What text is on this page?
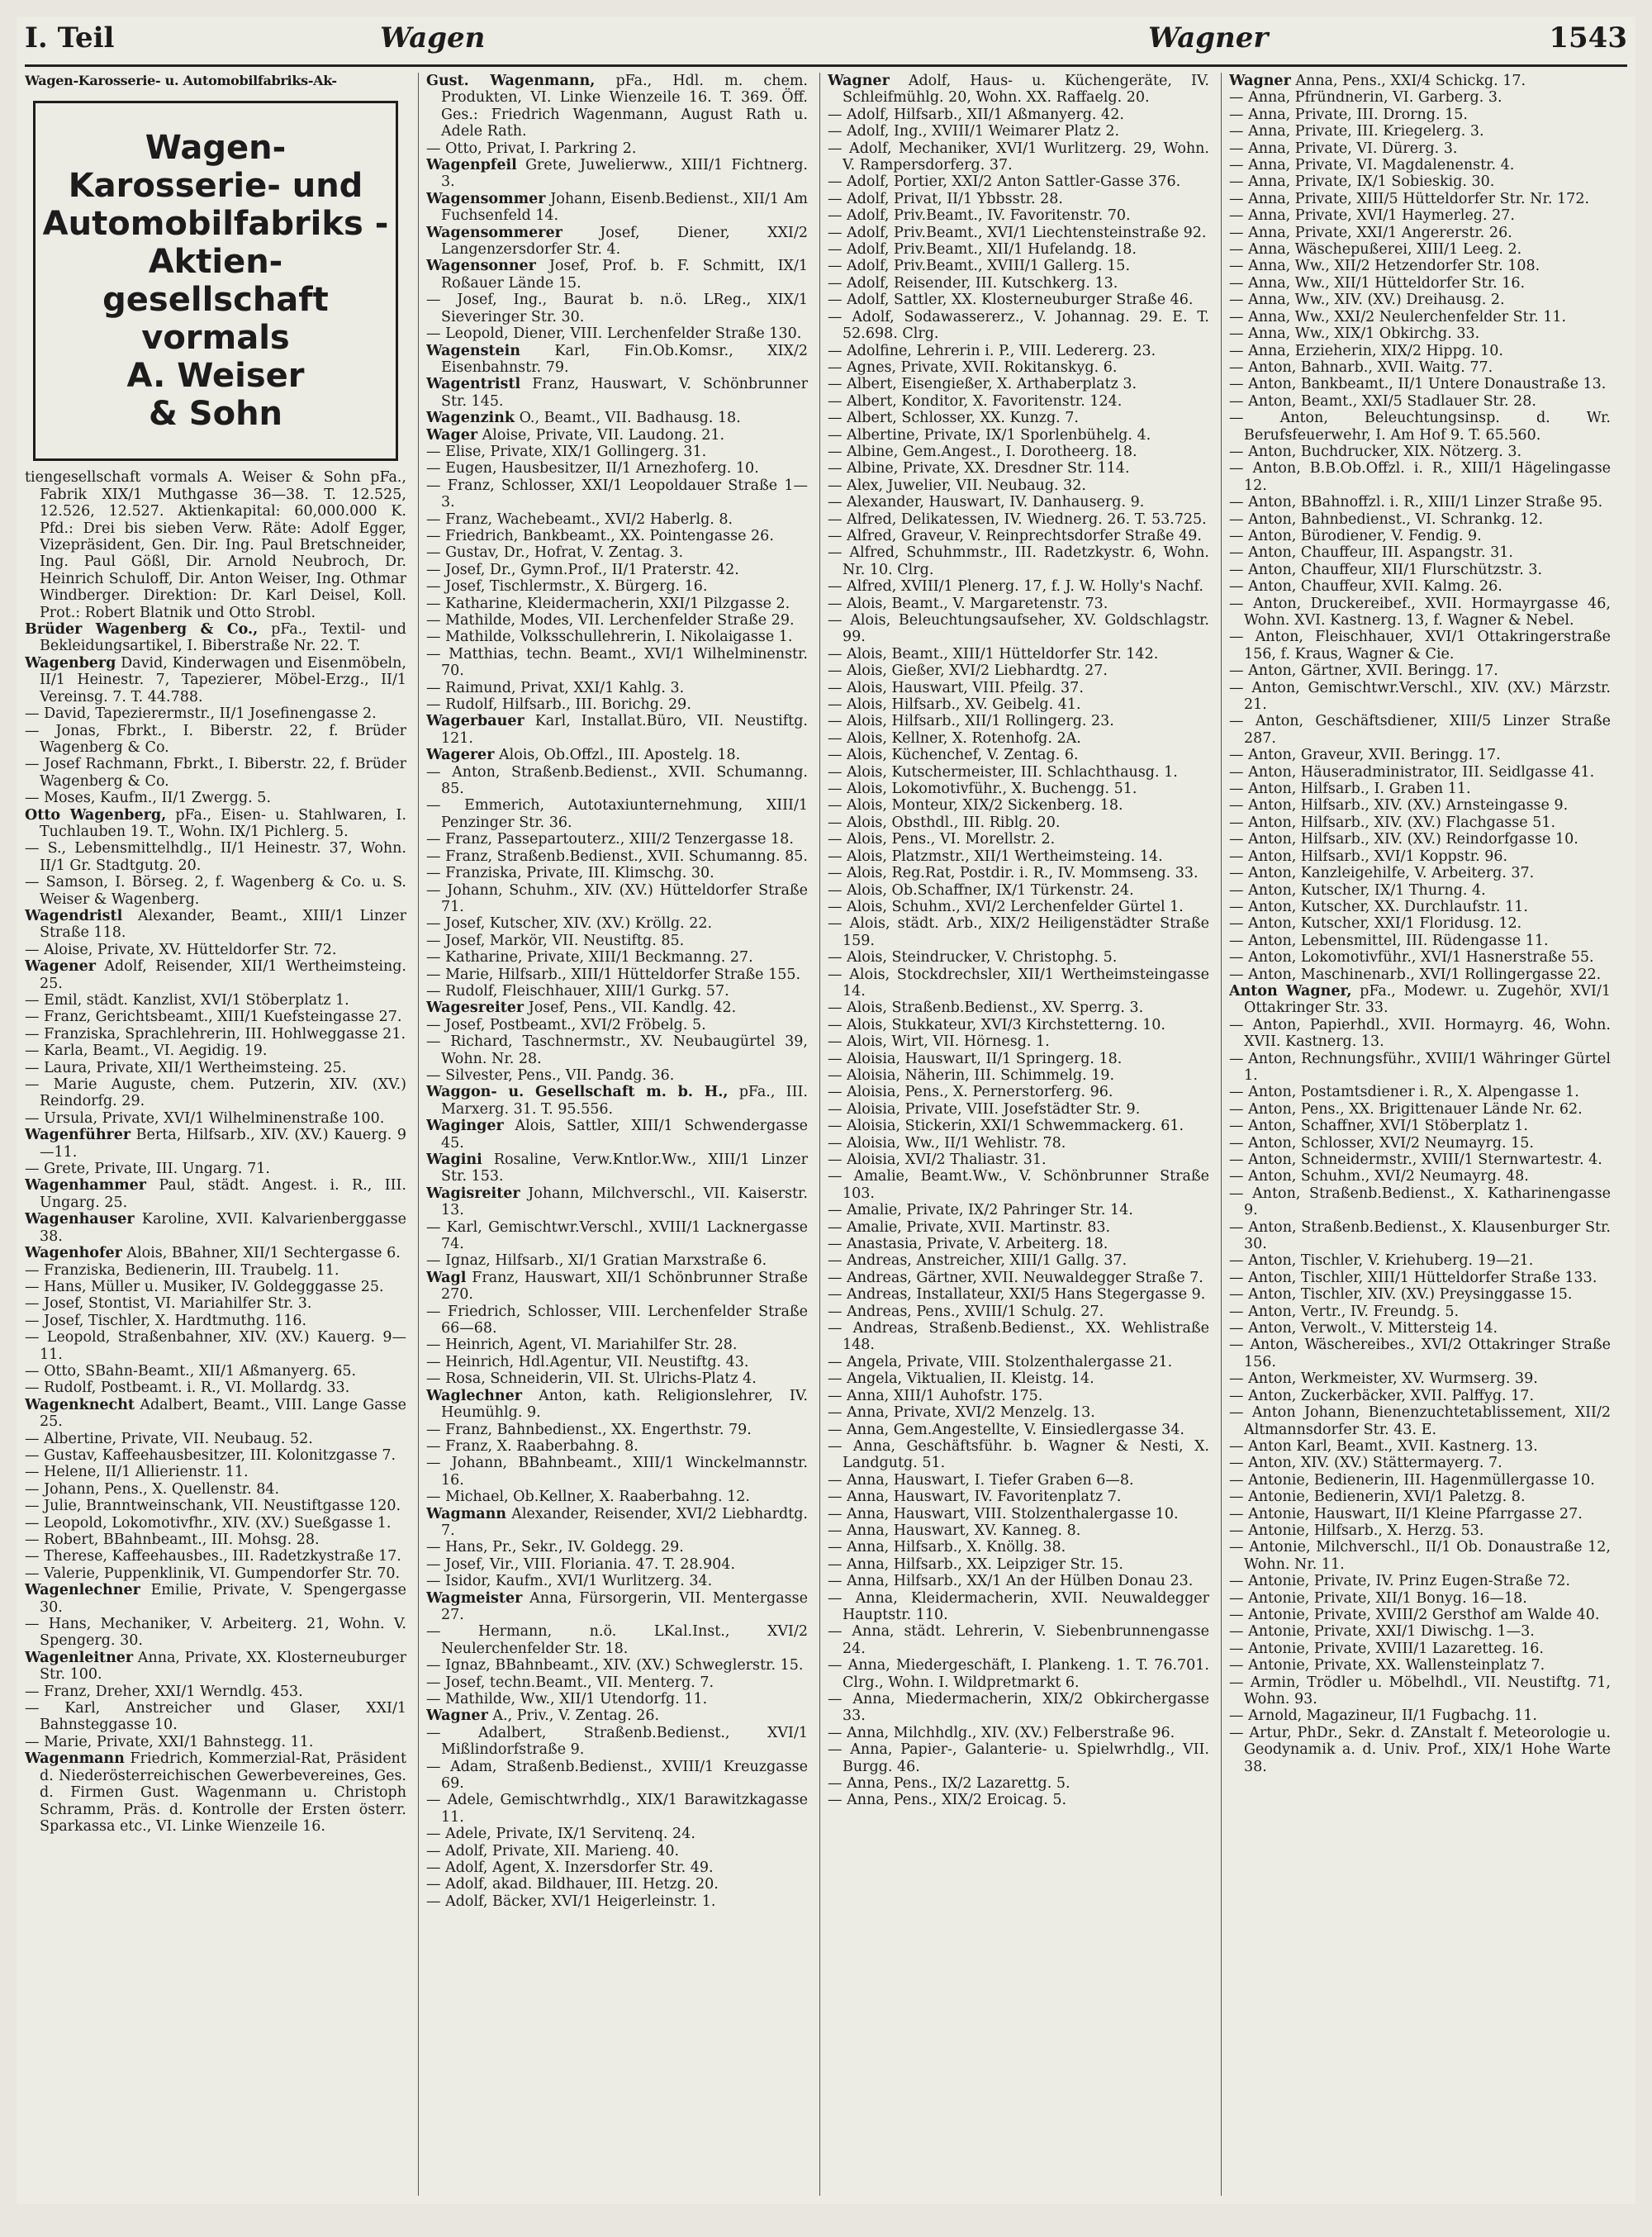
I. Teil	Wagen	Wagner	1543
Wagen-Karosserie- u. Automobilfabriks-Ak-
Wagen-
Karosserie- und
Automobilfabriks - Aktien-
gesellschaft vormals
A. Weiser
& Sohn
tiengesellschaft vormals A. Weiser & Sohn pFa., Fabrik XIX/1 Muthgasse 36—38. T. 12.525, 12.526, 12.527. Aktienkapital: 60,000.000 K. Pfd.: Drei bis sieben Verw. Räte: Adolf Egger, Vizepräsident, Gen. Dir. Ing. Paul Bretschneider, Ing. Paul Gößl, Dir. Arnold Neubroch, Dr. Heinrich Schuloff, Dir. Anton Weiser, Ing. Othmar Windberger. Direktion: Dr. Karl Deisel, Koll. Prot.: Robert Blatnik und Otto Strobl.
Brüder Wagenberg & Co., pFa., Textil- und Bekleidungsartikel, I. Biberstraße Nr. 22. T.
Wagenberg David, Kinderwagen und Eisenmöbeln, II/1 Heinestr. 7, Tapezierer, Möbel-Erzg., II/1 Vereinsg. 7. T. 44.788.
— David, Tapezierermstr., II/1 Josefinengasse 2.
— Jonas, Fbrkt., I. Biberstr. 22, f. Brüder Wagenberg & Co.
— Josef Rachmann, Fbrkt., I. Biberstr. 22, f. Brüder Wagenberg & Co.
— Moses, Kaufm., II/1 Zwergg. 5.
Otto Wagenberg, pFa., Eisen- u. Stahlwaren, I. Tuchlauben 19. T., Wohn. IX/1 Pichlerg. 5.
— S., Lebensmittelhdlg., II/1 Heinestr. 37, Wohn. II/1 Gr. Stadtgutg. 20.
— Samson, I. Börseg. 2, f. Wagenberg & Co. u. S. Weiser & Wagenberg.
Wagendristl Alexander, Beamt., XIII/1 Linzer Straße 118.
— Aloise, Private, XV. Hütteldorfer Str. 72.
Wagener Adolf, Reisender, XII/1 Wertheimsteing. 25.
— Emil, städt. Kanzlist, XVI/1 Stöberplatz 1.
— Franz, Gerichtsbeamt., XIII/1 Kuefsteingasse 27.
— Franziska, Sprachlehrerin, III. Hohlweggasse 21.
— Karla, Beamt., VI. Aegidig. 19.
— Laura, Private, XII/1 Wertheimsteing. 25.
— Marie Auguste, chem. Putzerin, XIV. (XV.) Reindorfg. 29.
— Ursula, Private, XVI/1 Wilhelminenstraße 100.
Wagenführer Berta, Hilfsarb., XIV. (XV.) Kauerg. 9—11.
— Grete, Private, III. Ungarg. 71.
Wagenhammer Paul, städt. Angest. i. R., III. Ungarg. 25.
Wagenhauser Karoline, XVII. Kalvarienberggasse 38.
Wagenhofer Alois, BBahner, XII/1 Sechtergasse 6.
— Franziska, Bedienerin, III. Traubelg. 11.
— Hans, Müller u. Musiker, IV. Goldegggasse 25.
— Josef, Stontist, VI. Mariahilfer Str. 3.
— Josef, Tischler, X. Hardtmuthg. 116.
— Leopold, Straßenbahner, XIV. (XV.) Kauerg. 9—11.
— Otto, SBahn-Beamt., XII/1 Aßmanyerg. 65.
— Rudolf, Postbeamt. i. R., VI. Mollardg. 33.
Wagenknecht Adalbert, Beamt., VIII. Lange Gasse 25.
— Albertine, Private, VII. Neubaug. 52.
— Gustav, Kaffeehausbesitzer, III. Kolonitzgasse 7.
— Helene, II/1 Allierienstr. 11.
— Johann, Pens., X. Quellenstr. 84.
— Julie, Branntweinschank, VII. Neustiftgasse 120.
— Leopold, Lokomotivfhr., XIV. (XV.) Sueßgasse 1.
— Robert, BBahnbeamt., III. Mohsg. 28.
— Therese, Kaffeehausbes., III. Radetzkystraße 17.
— Valerie, Puppenklinik, VI. Gumpendorfer Str. 70.
Wagenlechner Emilie, Private, V. Spengergasse 30.
— Hans, Mechaniker, V. Arbeiterg. 21, Wohn. V. Spengerg. 30.
Wagenleitner Anna, Private, XX. Klosterneuburger Str. 100.
— Franz, Dreher, XXI/1 Werndlg. 453.
— Karl, Anstreicher und Glaser, XXI/1 Bahnsteggasse 10.
— Marie, Private, XXI/1 Bahnstegg. 11.
Wagenmann Friedrich, Kommerzial-Rat, Präsident d. Niederösterreichischen Gewerbevereines, Ges. d. Firmen Gust. Wagenmann u. Christoph Schramm, Präs. d. Kontrolle der Ersten österr. Sparkassa etc., VI. Linke Wienzeile 16.
Gust. Wagenmann, pFa., Hdl. m. chem. Produkten, VI. Linke Wienzeile 16. T. 369. Öff. Ges.: Friedrich Wagenmann, August Rath u. Adele Rath.
— Otto, Privat, I. Parkring 2.
Wagenpfeil Grete, Juwelierww., XIII/1 Fichtnerg. 3.
Wagensommer Johann, Eisenb.Bedienst., XII/1 Am Fuchsenfeld 14.
Wagensommerer	Josef, Diener, XXI/2 Langenzersdorfer Str. 4.
Wagensonner Josef, Prof. b. F. Schmitt, IX/1 Roßauer Lände 15.
— Josef, Ing., Baurat b. n.ö. LReg., XIX/1 Sieveringer Str. 30.
— Leopold, Diener, VIII. Lerchenfelder Straße 130.
Wagenstein Karl, Fin.Ob.Komsr., XIX/2 Eisenbahnstr. 79.
Wagentristl Franz, Hauswart, V. Schönbrunner Str. 145.
Wagenzink O., Beamt., VII. Badhausg. 18.
Wager Aloise, Private, VII. Laudong. 21.
— Elise, Private, XIX/1 Gollingerg. 31.
— Eugen, Hausbesitzer, II/1 Arnezhoferg. 10.
— Franz, Schlosser, XXI/1 Leopoldauer Straße 1—3.
— Franz, Wachebeamt., XVI/2 Haberlg. 8.
— Friedrich, Bankbeamt., XX. Pointengasse 26.
— Gustav, Dr., Hofrat, V. Zentag. 3.
— Josef, Dr., Gymn.Prof., II/1 Praterstr. 42.
— Josef, Tischlermstr., X. Bürgerg. 16.
— Katharine, Kleidermacherin, XXI/1 Pilzgasse 2.
— Mathilde, Modes, VII. Lerchenfelder Straße 29.
— Mathilde, Volksschullehrerin, I. Nikolaigasse 1.
— Matthias, techn. Beamt., XVI/1 Wilhelminenstr. 70.
— Raimund, Privat, XXI/1 Kahlg. 3.
— Rudolf, Hilfsarb., III. Borichg. 29.
Wagerbauer Karl, Installat.Büro, VII. Neustiftg. 121.
Wagerer Alois, Ob.Offzl., III. Apostelg. 18.
— Anton, Straßenb.Bedienst., XVII. Schumanng. 85.
— Emmerich, Autotaxiunternehmung, XIII/1 Penzinger Str. 36.
— Franz, Passepartouterz., XIII/2 Tenzergasse 18.
— Franz, Straßenb.Bedienst., XVII. Schumanng. 85.
— Franziska, Private, III. Klimschg. 30.
— Johann, Schuhm., XIV. (XV.) Hütteldorfer Straße 71.
— Josef, Kutscher, XIV. (XV.) Kröllg. 22.
— Josef, Markör, VII. Neustiftg. 85.
— Katharine, Private, XIII/1 Beckmanng. 27.
— Marie, Hilfsarb., XIII/1 Hütteldorfer Straße 155.
— Rudolf, Fleischhauer, XIII/1 Gurkg. 57.
Wagesreiter Josef, Pens., VII. Kandlg. 42.
— Josef, Postbeamt., XVI/2 Fröbelg. 5.
— Richard, Taschnermstr., XV. Neubaugürtel 39, Wohn. Nr. 28.
— Silvester, Pens., VII. Pandg. 36.
Waggon- u. Gesellschaft m. b. H., pFa., III. Marxerg. 31. T. 95.556.
Waginger Alois, Sattler, XIII/1 Schwendergasse 45.
Wagini Rosaline, Verw.Kntlor.Ww., XIII/1 Linzer Str. 153.
Wagisreiter Johann, Milchverschl., VII. Kaiserstr. 13.
— Karl, Gemischtwr.Verschl., XVIII/1 Lacknergasse 74.
— Ignaz, Hilfsarb., XI/1 Gratian Marxstraße 6.
Wagl Franz, Hauswart, XII/1 Schönbrunner Straße 270.
— Friedrich, Schlosser, VIII. Lerchenfelder Straße 66—68.
— Heinrich, Agent, VI. Mariahilfer Str. 28.
— Heinrich, Hdl.Agentur, VII. Neustiftg. 43.
— Rosa, Schneiderin, VII. St. Ulrichs-Platz 4.
Waglechner Anton, kath. Religionslehrer, IV. Heumühlg. 9.
— Franz, Bahnbedienst., XX. Engerthstr. 79.
— Franz, X. Raaberbahng. 8.
— Johann, BBahnbeamt., XIII/1 Winckelmannstr. 16.
— Michael, Ob.Kellner, X. Raaberbahng. 12.
Wagmann Alexander, Reisender, XVI/2 Liebhardtg. 7.
— Hans, Pr., Sekr., IV. Goldegg. 29.
— Josef, Vir., VIII. Floriania. 47. T. 28.904.
— Isidor, Kaufm., XVI/1 Wurlitzerg. 34.
Wagmeister Anna, Fürsorgerin, VII. Mentergasse 27.
— Hermann, n.ö. LKal.Inst., XVI/2 Neulerchenfelder Str. 18.
— Ignaz, BBahnbeamt., XIV. (XV.) Schweglerstr. 15.
— Josef, techn.Beamt., VII. Menterg. 7.
— Mathilde, Ww., XII/1 Utendorfg. 11.
Wagner A., Priv., V. Zentag. 26.
— Adalbert, Straßenb.Bedienst., XVI/1 Mißlindorfstraße 9.
— Adam, Straßenb.Bedienst., XVIII/1 Kreuzgasse 69.
— Adele, Gemischtwrhdlg., XIX/1 Barawitzkagasse 11.
— Adele, Private, IX/1 Servitenq. 24.
— Adolf, Private, XII. Marieng. 40.
— Adolf, Agent, X. Inzersdorfer Str. 49.
— Adolf, akad. Bildhauer, III. Hetzg. 20.
— Adolf, Bäcker, XVI/1 Heigerleinstr. 1.
Wagner Adolf, Haus- u. Küchengeräte, IV. Schleifmühlg. 20, Wohn. XX. Raffaelg. 20.
— Adolf, Hilfsarb., XII/1 Aßmanyerg. 42.
— Adolf, Ing., XVIII/1 Weimarer Platz 2.
— Adolf, Mechaniker, XVI/1 Wurlitzerg. 29, Wohn. V. Rampersdorferg. 37.
— Adolf, Portier, XXI/2 Anton Sattler-Gasse 376.
— Adolf, Privat, II/1 Ybbsstr. 28.
— Adolf, Priv.Beamt., IV. Favoritenstr. 70.
— Adolf, Priv.Beamt., XVI/1 Liechtensteinstraße 92.
— Adolf, Priv.Beamt., XII/1 Hufelandg. 18.
— Adolf, Priv.Beamt., XVIII/1 Gallerg. 15.
— Adolf, Reisender, III. Kutschkerg. 13.
— Adolf, Sattler, XX. Klosterneuburger Straße 46.
— Adolf, Sodawassererz., V. Johannag. 29. E. T. 52.698. Clrg.
— Adolfine, Lehrerin i. P., VIII. Ledererg. 23.
— Agnes, Private, XVII. Rokitanskyg. 6.
— Albert, Eisengießer, X. Arthaberplatz 3.
— Albert, Konditor, X. Favoritenstr. 124.
— Albert, Schlosser, XX. Kunzg. 7.
— Albertine, Private, IX/1 Sporlenbühelg. 4.
— Albine, Gem.Angest., I. Dorotheerg. 18.
— Albine, Private, XX. Dresdner Str. 114.
— Alex, Juwelier, VII. Neubaug. 32.
— Alexander, Hauswart, IV. Danhauserg. 9.
— Alfred, Delikatessen, IV. Wiednerg. 26. T. 53.725.
— Alfred, Graveur, V. Reinprechtsdorfer Straße 49.
— Alfred, Schuhmmstr., III. Radetzkystr. 6, Wohn. Nr. 10. Clrg.
— Alfred, XVIII/1 Plenerg. 17, f. J. W. Holly's Nachf.
— Alois, Beamt., V. Margaretenstr. 73.
— Alois, Beleuchtungsaufseher, XV. Goldschlagstr. 99.
— Alois, Beamt., XIII/1 Hütteldorfer Str. 142.
— Alois, Gießer, XVI/2 Liebhardtg. 27.
— Alois, Hauswart, VIII. Pfeilg. 37.
— Alois, Hilfsarb., XV. Geibelg. 41.
— Alois, Hilfsarb., XII/1 Rollingerg. 23.
— Alois, Kellner, X. Rotenhofg. 2A.
— Alois, Küchenchef, V. Zentag. 6.
— Alois, Kutschermeister, III. Schlachthausg. 1.
— Alois, Lokomotivführ., X. Buchengg. 51.
— Alois, Monteur, XIX/2 Sickenberg. 18.
— Alois, Obsthdl., III. Riblg. 20.
— Alois, Pens., VI. Morellstr. 2.
— Alois, Platzmstr., XII/1 Wertheimsteing. 14.
— Alois, Reg.Rat, Postdir. i. R., IV. Mommseng. 33.
— Alois, Ob.Schaffner, IX/1 Türkenstr. 24.
— Alois, Schuhm., XVI/2 Lerchenfelder Gürtel 1.
— Alois, städt. Arb., XIX/2 Heiligenstädter Straße 159.
— Alois, Steindrucker, V. Christophg. 5.
— Alois, Stockdrechsler, XII/1 Wertheimsteingasse 14.
— Alois, Straßenb.Bedienst., XV. Sperrg. 3.
— Alois, Stukkateur, XVI/3 Kirchstetterng. 10.
— Alois, Wirt, VII. Hörnesg. 1.
— Aloisia, Hauswart, II/1 Springerg. 18.
— Aloisia, Näherin, III. Schimmelg. 19.
— Aloisia, Pens., X. Pernerstorferg. 96.
— Aloisia, Private, VIII. Josefstädter Str. 9.
— Aloisia, Stickerin, XXI/1 Schwemmackerg. 61.
— Aloisia, Ww., II/1 Wehlistr. 78.
— Aloisia, XVI/2 Thaliastr. 31.
— Amalie, Beamt.Ww., V. Schönbrunner Straße 103.
— Amalie, Private, IX/2 Pahringer Str. 14.
— Amalie, Private, XVII. Martinstr. 83.
— Anastasia, Private, V. Arbeiterg. 18.
— Andreas, Anstreicher, XIII/1 Gallg. 37.
— Andreas, Gärtner, XVII. Neuwaldegger Straße 7.
— Andreas, Installateur, XXI/5 Hans Stegergasse 9.
— Andreas, Pens., XVIII/1 Schulg. 27.
— Andreas, Straßenb.Bedienst., XX. Wehlistraße 148.
— Angela, Private, VIII. Stolzenthalergasse 21.
— Angela, Viktualien, II. Kleistg. 14.
— Anna, XIII/1 Auhofstr. 175.
— Anna, Private, XVI/2 Menzelg. 13.
— Anna, Gem.Angestellte, V. Einsiedlergasse 34.
— Anna, Geschäftsführ. b. Wagner & Nesti, X. Landgutg. 51.
— Anna, Hauswart, I. Tiefer Graben 6—8.
— Anna, Hauswart, IV. Favoritenplatz 7.
— Anna, Hauswart, VIII. Stolzenthalergasse 10.
— Anna, Hauswart, XV. Kanneg. 8.
— Anna, Hilfsarb., X. Knöllg. 38.
— Anna, Hilfsarb., XX. Leipziger Str. 15.
— Anna, Hilfsarb., XX/1 An der Hülben Donau 23.
— Anna, Kleidermacherin, XVII. Neuwaldegger Hauptstr. 110.
— Anna, städt. Lehrerin, V. Siebenbrunnengasse 24.
— Anna, Miedergeschäft, I. Plankeng. 1. T. 76.701. Clrg., Wohn. I. Wildpretmarkt 6.
— Anna, Miedermacherin, XIX/2 Obkirchergasse 33.
— Anna, Milchhdlg., XIV. (XV.) Felberstraße 96.
— Anna, Papier-, Galanterie- u. Spielwrhdlg., VII. Burgg. 46.
— Anna, Pens., IX/2 Lazarettg. 5.
— Anna, Pens., XIX/2 Eroicag. 5.
Wagner Anna, Pens., XXI/4 Schickg. 17.
— Anna, Pfründnerin, VI. Garberg. 3.
— Anna, Private, III. Drorng. 15.
— Anna, Private, III. Kriegelerg. 3.
— Anna, Private, VI. Dürerg. 3.
— Anna, Private, VI. Magdalenenstr. 4.
— Anna, Private, IX/1 Sobieskig. 30.
— Anna, Private, XIII/5 Hütteldorfer Str. Nr. 172.
— Anna, Private, XVI/1 Haymerleg. 27.
— Anna, Private, XXI/1 Angererstr. 26.
— Anna, Wäschepußerei, XIII/1 Leeg. 2.
— Anna, Ww., XII/2 Hetzendorfer Str. 108.
— Anna, Ww., XII/1 Hütteldorfer Str. 16.
— Anna, Ww., XIV. (XV.) Dreihausg. 2.
— Anna, Ww., XXI/2 Neulerchenfelder Str. 11.
— Anna, Ww., XIX/1 Obkirchg. 33.
— Anna, Erzieherin, XIX/2 Hippg. 10.
— Anton, Bahnarb., XVII. Waitg. 77.
— Anton, Bankbeamt., II/1 Untere Donaustraße 13.
— Anton, Beamt., XXI/5 Stadlauer Str. 28.
— Anton, Beleuchtungsinsp. d. Wr. Berufsfeuerwehr, I. Am Hof 9. T. 65.560.
— Anton, Buchdrucker, XIX. Nötzerg. 3.
— Anton, B.B.Ob.Offzl. i. R., XIII/1 Hägelingasse 12.
— Anton, BBahnoffzl. i. R., XIII/1 Linzer Straße 95.
— Anton, Bahnbedienst., VI. Schrankg. 12.
— Anton, Bürodiener, V. Fendig. 9.
— Anton, Chauffeur, III. Aspangstr. 31.
— Anton, Chauffeur, XII/1 Flurschützstr. 3.
— Anton, Chauffeur, XVII. Kalmg. 26.
— Anton, Druckereibef., XVII. Hormayrgasse 46, Wohn. XVI. Kastnerg. 13, f. Wagner & Nebel.
— Anton, Fleischhauer, XVI/1 Ottakringerstraße 156, f. Kraus, Wagner & Cie.
— Anton, Gärtner, XVII. Beringg. 17.
— Anton, Gemischtwr.Verschl., XIV. (XV.) Märzstr. 21.
— Anton, Geschäftsdiener, XIII/5 Linzer Straße 287.
— Anton, Graveur, XVII. Beringg. 17.
— Anton, Häuseradministrator, III. Seidlgasse 41.
— Anton, Hilfsarb., I. Graben 11.
— Anton, Hilfsarb., XIV. (XV.) Arnsteingasse 9.
— Anton, Hilfsarb., XIV. (XV.) Flachgasse 51.
— Anton, Hilfsarb., XIV. (XV.) Reindorfgasse 10.
— Anton, Hilfsarb., XVI/1 Koppstr. 96.
— Anton, Kanzleigehilfe, V. Arbeiterg. 37.
— Anton, Kutscher, IX/1 Thurng. 4.
— Anton, Kutscher, XX. Durchlaufstr. 11.
— Anton, Kutscher, XXI/1 Floridusg. 12.
— Anton, Lebensmittel, III. Rüdengasse 11.
— Anton, Lokomotivführ., XVI/1 Hasnerstraße 55.
— Anton, Maschinenarb., XVI/1 Rollingergasse 22.
Anton Wagner, pFa., Modewr. u. Zugehör, XVI/1 Ottakringer Str. 33.
— Anton, Papierhdl., XVII. Hormayrg. 46, Wohn. XVII. Kastnerg. 13.
— Anton, Rechnungsführ., XVIII/1 Währinger Gürtel 1.
— Anton, Postamtsdiener i. R., X. Alpengasse 1.
— Anton, Pens., XX. Brigittenauer Lände Nr. 62.
— Anton, Schaffner, XVI/1 Stöberplatz 1.
— Anton, Schlosser, XVI/2 Neumayrg. 15.
— Anton, Schneidermstr., XVIII/1 Sternwartestr. 4.
— Anton, Schuhm., XVI/2 Neumayrg. 48.
— Anton, Straßenb.Bedienst., X. Katharinengasse 9.
— Anton, Straßenb.Bedienst., X. Klausenburger Str. 30.
— Anton, Tischler, V. Kriehuberg. 19—21.
— Anton, Tischler, XIII/1 Hütteldorfer Straße 133.
— Anton, Tischler, XIV. (XV.) Preysinggasse 15.
— Anton, Vertr., IV. Freundg. 5.
— Anton, Verwolt., V. Mittersteig 14.
— Anton, Wäschereibes., XVI/2 Ottakringer Straße 156.
— Anton, Werkmeister, XV. Wurmserg. 39.
— Anton, Zuckerbäcker, XVII. Palffyg. 17.
— Anton Johann, Bienenzuchtetablissement, XII/2 Altmannsdorfer Str. 43. E.
— Anton Karl, Beamt., XVII. Kastnerg. 13.
— Anton, XIV. (XV.) Stättermayerg. 7.
— Antonie, Bedienerin, III. Hagenmüllergasse 10.
— Antonie, Bedienerin, XVI/1 Paletzg. 8.
— Antonie, Hauswart, II/1 Kleine Pfarrgasse 27.
— Antonie, Hilfsarb., X. Herzg. 53.
— Antonie, Milchverschl., II/1 Ob. Donaustraße 12, Wohn. Nr. 11.
— Antonie, Private, IV. Prinz Eugen-Straße 72.
— Antonie, Private, XII/1 Bonyg. 16—18.
— Antonie, Private, XVIII/2 Gersthof am Walde 40.
— Antonie, Private, XXI/1 Diwischg. 1—3.
— Antonie, Private, XVIII/1 Lazaretteg. 16.
— Antonie, Private, XX. Wallensteinplatz 7.
— Armin, Trödler u. Möbelhdl., VII. Neustiftg. 71, Wohn. 93.
— Arnold, Magazineur, II/1 Fugbachg. 11.
— Artur, PhDr., Sekr. d. ZAnstalt f. Meteorologie u. Geodynamik a. d. Univ. Prof., XIX/1 Hohe Warte 38.
